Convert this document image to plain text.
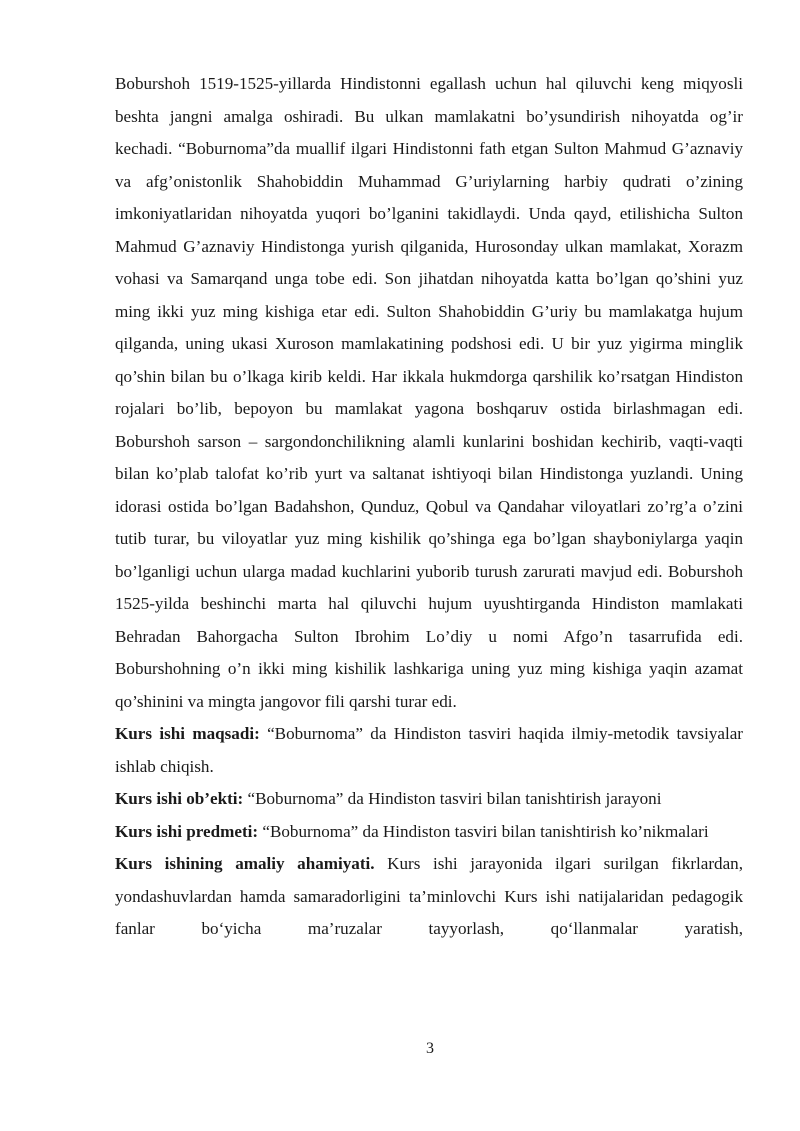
Boburshoh 1519-1525-yillarda Hindistonni egallash uchun hal qiluvchi keng miqyosli beshta jangni amalga oshiradi. Bu ulkan mamlakatni bo’ysundirish nihoyatda og’ir kechadi. “Boburnoma”da muallif ilgari Hindistonni fath etgan Sulton Mahmud G’aznaviy va afg’onistonlik Shahobiddin Muhammad G’uriylarning harbiy qudrati o’zining imkoniyatlaridan nihoyatda yuqori bo’lganini takidlaydi. Unda qayd, etilishicha Sulton Mahmud G’aznaviy Hindistonga yurish qilganida, Hurosonday ulkan mamlakat, Xorazm vohasi va Samarqand unga tobe edi. Son jihatdan nihoyatda katta bo’lgan qo’shini yuz ming ikki yuz ming kishiga etar edi. Sulton Shahobiddin G’uriy bu mamlakatga hujum qilganda, uning ukasi Xuroson mamlakatining podshosi edi. U bir yuz yigirma minglik qo’shin bilan bu o’lkaga kirib keldi. Har ikkala hukmdorga qarshilik ko’rsatgan Hindiston rojalari bo’lib, bepoyon bu mamlakat yagona boshqaruv ostida birlashmagan edi. Boburshoh sarson – sargondonchilikning alamli kunlarini boshidan kechirib, vaqti-vaqti bilan ko’plab talofat ko’rib yurt va saltanat ishtiyoqi bilan Hindistonga yuzlandi. Uning idorasi ostida bo’lgan Badahshon, Qunduz, Qobul va Qandahar viloyatlari zo’rg’a o’zini tutib turar, bu viloyatlar yuz ming kishilik qo’shinga ega bo’lgan shayboniylarga yaqin bo’lganligi uchun ularga madad kuchlarini yuborib turush zarurati mavjud edi. Boburshoh 1525-yilda beshinchi marta hal qiluvchi hujum uyushtirganda Hindiston mamlakati Behradan Bahorgacha Sulton Ibrohim Lo’diy u nomi Afgo’n tasarrufida edi. Boburshohning o’n ikki ming kishilik lashkariga uning yuz ming kishiga yaqin azamat qo’shinini va mingta jangovor fili qarshi turar edi.

Kurs ishi maqsadi: “Boburnoma” da Hindiston tasviri haqida ilmiy-metodik tavsiyalar ishlab chiqish.

Kurs ishi ob’ekti: “Boburnoma” da Hindiston tasviri bilan tanishtirish jarayoni

Kurs ishi predmeti: “Boburnoma” da Hindiston tasviri bilan tanishtirish ko’nikmalari

Kurs ishining amaliy ahamiyati. Kurs ishi jarayonida ilgari surilgan fikrlardan, yondashuvlardan hamda samaradorligini ta’minlovchi Kurs ishi natijalaridan pedagogik fanlar bo‘yicha ma’ruzalar tayyorlash, qo‘llanmalar yaratish,

3
